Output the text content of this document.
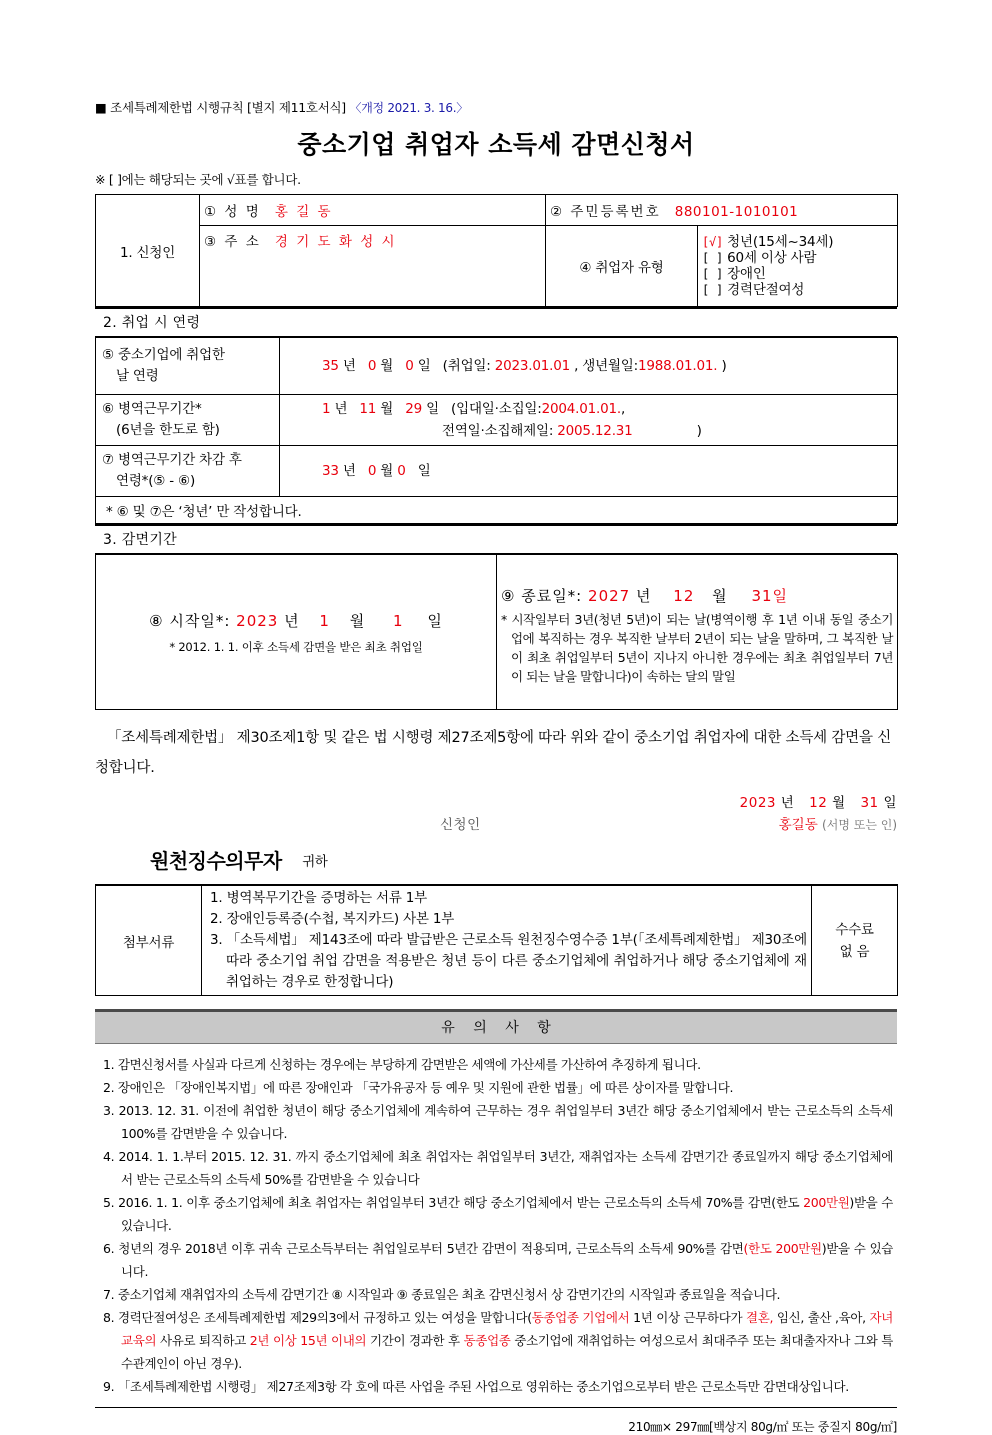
■ 조세특례제한법 시행규칙 [별지 제11호서식] 〈개정 2021. 3. 16.〉
중소기업 취업자 소득세 감면신청서
※ [ ]에는 해당되는 곳에 √표를 합니다.
1. 신청인	① 성 명 홍 길 동	② 주민등록번호 880101-1010101	
	③ 주 소 경 기 도 화 성 시	④ 취업자 유형	[√] 청년(15세~34세)
[ ] 60세 이상 사람
[ ] 장애인
[ ] 경력단절여성
2. 취업 시 연령
⑤ 중소기업에 취업한
날 연령	35 년 0 월 0 일 (취업일: 2023.01.01 , 생년월일:1988.01.01. )

⑥ 병역근무기간*
(6년을 한도로 함)	
1 년 11 월 29 일 (입대일·소집일:2004.01.01.,
전역일·소집해제일: 2005.12.31	)

⑦ 병역근무기간 차감 후
연령*(⑤ - ⑥)	33 년 0 월 0 일
* ⑥ 및 ⑦은 ‘청년’ 만 작성합니다.	
3. 감면기간
⑧ 시작일*: 2023 년 1 월 1 일
* 2012. 1. 1. 이후 소득세 감면을 받은 최초 취업일

⑨ 종료일*: 2027 년 12 월 31일
* 시작일부터 3년(청년 5년)이 되는 날(병역이행 후 1년 이내 동일 중소기업에 복직하는 경우 복직한 날부터 2년이 되는 날을 말하며, 그 복직한 날이 최초 취업일부터 5년이 지나지 아니한 경우에는 최초 취업일부터 7년이 되는 날을 말합니다)이 속하는 달의 말일
「조세특례제한법」 제30조제1항 및 같은 법 시행령 제27조제5항에 따라 위와 같이 중소기업 취업자에 대한 소득세 감면을 신청합니다.
2023 년 12 월 31 일
신청인	홍길동 (서명 또는 인)
원천징수의무자 귀하
첨부서류	
1. 병역복무기간을 증명하는 서류 1부
2. 장애인등록증(수첩, 복지카드) 사본 1부
3. 「소득세법」 제143조에 따라 발급받은 근로소득 원천징수영수증 1부(「조세특례제한법」 제30조에 따라 중소기업 취업 감면을 적용받은 청년 등이 다른 중소기업체에 취업하거나 해당 중소기업체에 재취업하는 경우로 한정합니다)

수수료
없 음
유 의 사 항
1. 감면신청서를 사실과 다르게 신청하는 경우에는 부당하게 감면받은 세액에 가산세를 가산하여 추징하게 됩니다.
2. 장애인은 「장애인복지법」에 따른 장애인과 「국가유공자 등 예우 및 지원에 관한 법률」에 따른 상이자를 말합니다.
3. 2013. 12. 31. 이전에 취업한 청년이 해당 중소기업체에 계속하여 근무하는 경우 취업일부터 3년간 해당 중소기업체에서 받는 근로소득의 소득세 100%를 감면받을 수 있습니다.
4. 2014. 1. 1.부터 2015. 12. 31. 까지 중소기업체에 최초 취업자는 취업일부터 3년간, 재취업자는 소득세 감면기간 종료일까지 해당 중소기업체에서 받는 근로소득의 소득세 50%를 감면받을 수 있습니다
5. 2016. 1. 1. 이후 중소기업체에 최초 취업자는 취업일부터 3년간 해당 중소기업체에서 받는 근로소득의 소득세 70%를 감면(한도 200만원)받을 수 있습니다.
6. 청년의 경우 2018년 이후 귀속 근로소득부터는 취업일로부터 5년간 감면이 적용되며, 근로소득의 소득세 90%를 감면(한도 200만원)받을 수 있습니다.
7. 중소기업체 재취업자의 소득세 감면기간 ⑧ 시작일과 ⑨ 종료일은 최초 감면신청서 상 감면기간의 시작일과 종료일을 적습니다.
8. 경력단절여성은 조세특례제한법 제29의3에서 규정하고 있는 여성을 말합니다(동종업종 기업에서 1년 이상 근무하다가 결혼, 임신, 출산 ,육아, 자녀교육의 사유로 퇴직하고 2년 이상 15년 이내의 기간이 경과한 후 동종업종 중소기업에 재취업하는 여성으로서 최대주주 또는 최대출자자나 그와 특수관계인이 아닌 경우).
9. 「조세특례제한법 시행령」 제27조제3항 각 호에 따른 사업을 주된 사업으로 영위하는 중소기업으로부터 받은 근로소득만 감면대상입니다.
210㎜× 297㎜[백상지 80g/㎡ 또는 중질지 80g/㎡]
